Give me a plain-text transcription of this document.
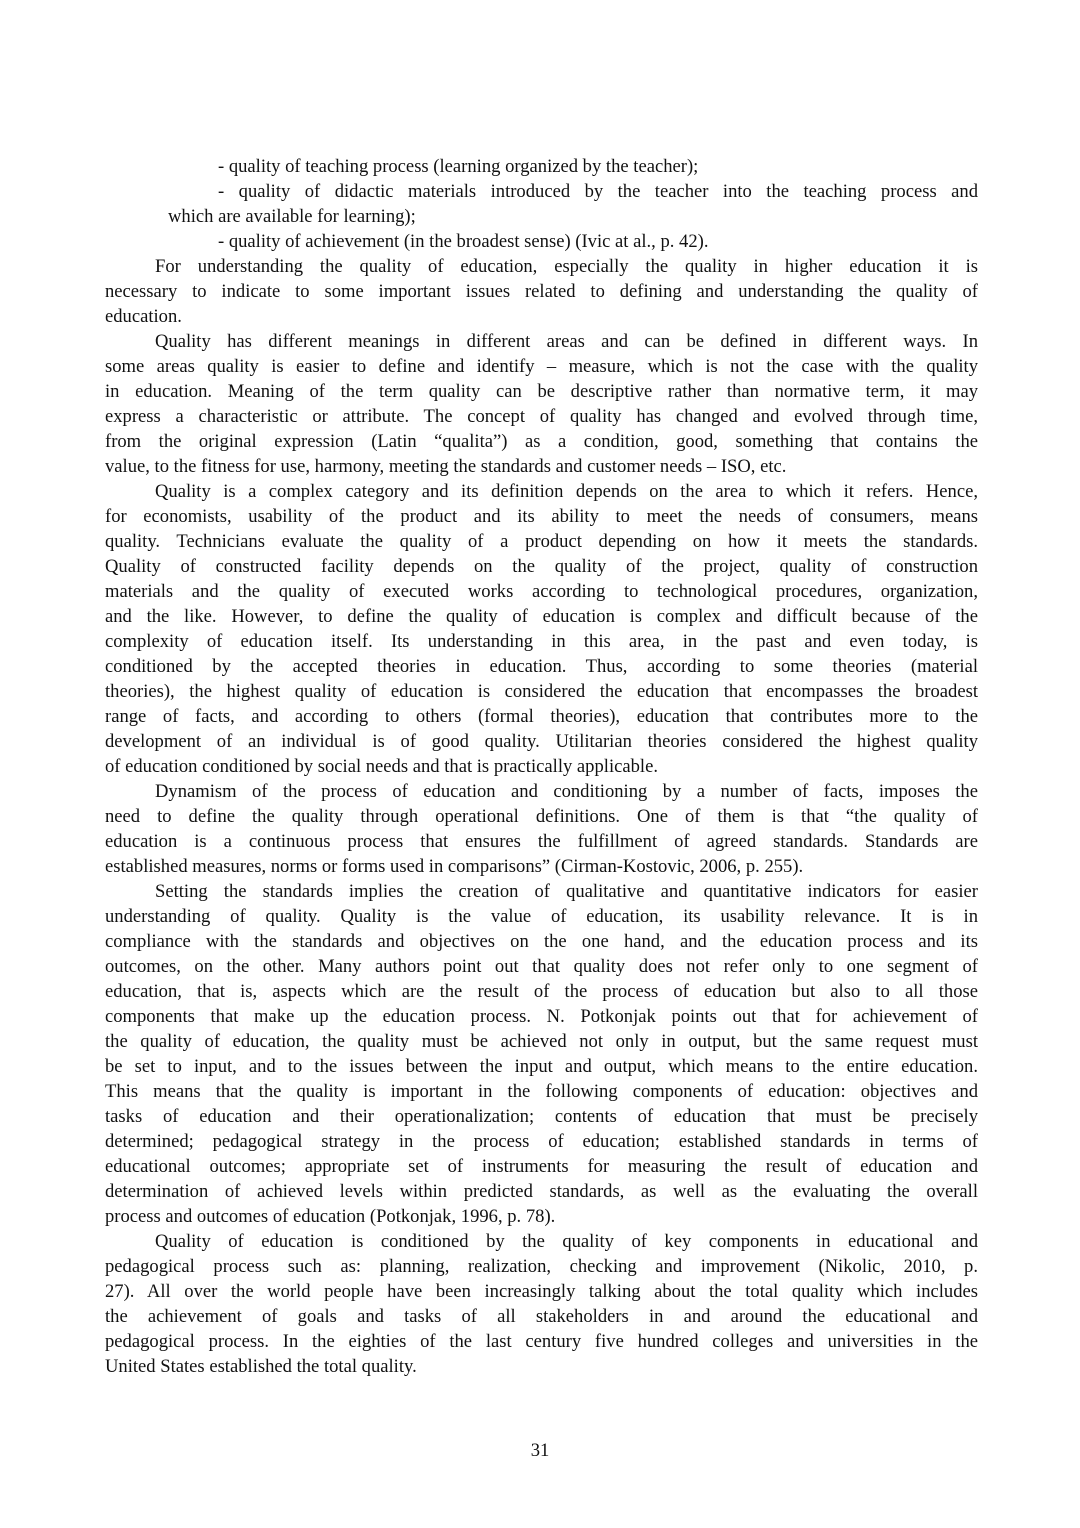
- quality of teaching process (learning organized by the teacher);
- quality of didactic materials introduced by the teacher into the teaching process and
which are available for learning);
- quality of achievement (in the broadest sense) (Ivic at al., p. 42).
For understanding the quality of education, especially the quality in higher education it is
necessary to indicate to some important issues related to defining and understanding the quality of
education.
Quality has different meanings in different areas and can be defined in different ways. In
some areas quality is easier to define and identify – measure, which is not the case with the quality
in education. Meaning of the term quality can be descriptive rather than normative term, it may
express a characteristic or attribute. The concept of quality has changed and evolved through time,
from the original expression (Latin “qualita”) as a condition, good, something that contains the
value, to the fitness for use, harmony, meeting the standards and customer needs – ISO, etc.
Quality is a complex category and its definition depends on the area to which it refers. Hence,
for economists, usability of the product and its ability to meet the needs of consumers, means
quality. Technicians evaluate the quality of a product depending on how it meets the standards.
Quality of constructed facility depends on the quality of the project, quality of construction
materials and the quality of executed works according to technological procedures, organization,
and the like. However, to define the quality of education is complex and difficult because of the
complexity of education itself. Its understanding in this area, in the past and even today, is
conditioned by the accepted theories in education. Thus, according to some theories (material
theories), the highest quality of education is considered the education that encompasses the broadest
range of facts, and according to others (formal theories), education that contributes more to the
development of an individual is of good quality. Utilitarian theories considered the highest quality
of education conditioned by social needs and that is practically applicable.
Dynamism of the process of education and conditioning by a number of facts, imposes the
need to define the quality through operational definitions. One of them is that “the quality of
education is a continuous process that ensures the fulfillment of agreed standards. Standards are
established measures, norms or forms used in comparisons” (Cirman-Kostovic, 2006, p. 255).
Setting the standards implies the creation of qualitative and quantitative indicators for easier
understanding of quality. Quality is the value of education, its usability relevance. It is in
compliance with the standards and objectives on the one hand, and the education process and its
outcomes, on the other. Many authors point out that quality does not refer only to one segment of
education, that is, aspects which are the result of the process of education but also to all those
components that make up the education process. N. Potkonjak points out that for achievement of
the quality of education, the quality must be achieved not only in output, but the same request must
be set to input, and to the issues between the input and output, which means to the entire education.
This means that the quality is important in the following components of education: objectives and
tasks of education and their operationalization; contents of education that must be precisely
determined; pedagogical strategy in the process of education; established standards in terms of
educational outcomes; appropriate set of instruments for measuring the result of education and
determination of achieved levels within predicted standards, as well as the evaluating the overall
process and outcomes of education (Potkonjak, 1996, p. 78).
Quality of education is conditioned by the quality of key components in educational and
pedagogical process such as: planning, realization, checking and improvement (Nikolic, 2010, p.
27). All over the world people have been increasingly talking about the total quality which includes
the achievement of goals and tasks of all stakeholders in and around the educational and
pedagogical process. In the eighties of the last century five hundred colleges and universities in the
United States established the total quality.
31
